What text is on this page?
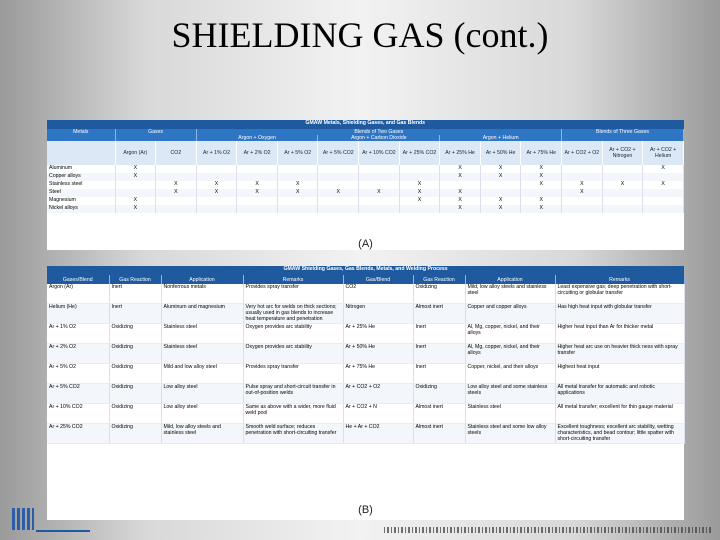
SHIELDING GAS (cont.)
GMAW Metals, Shielding Gases, and Gas Blends														
Metals	Gases		Blends of Two Gases									Blends of Three Gases		
			Argon + Oxygen			Argon + Carbon Dioxide			Argon + Helium					
	Argon (Ar)	CO2	Ar + 1% O2	Ar + 2% O2	Ar + 5% O2	Ar + 5% CO2	Ar + 10% CO2	Ar + 25% CO2	Ar + 25% He	Ar + 50% He	Ar + 75% He	Ar + CO2 + O2	Ar + CO2 + Nitrogen	Ar + CO2 + Helium
Aluminum	X								X	X	X			X
Copper alloys	X								X	X	X			
Stainless steel		X	X	X	X			X			X	X	X	X
Steel		X	X	X	X	X	X	X	X			X		
Magnesium	X							X	X	X	X			
Nickel alloys	X								X	X	X			
(A)
GMAW Shielding Gases, Gas Blends, Metals, and Welding Process							
Gases/Blend	Gas Reaction	Application	Remarks	Gas/Blend	Gas Reaction	Application	Remarks
Argon (Ar)	Inert	Nonferrous metals	Provides spray transfer	CO2	Oxidizing	Mild, low alloy steels and stainless steel	Least expensive gas; deep penetration with short-circuiting or globular transfer
Helium (He)	Inert	Aluminum and magnesium	Very hot arc for welds on thick sections; usually used in gas blends to increase heat temperature and penetration	Nitrogen	Almost inert	Copper and copper alloys	Has high heat input with globular transfer
Ar + 1% O2	Oxidizing	Stainless steel	Oxygen provides arc stability	Ar + 25% He	Inert	Al, Mg, copper, nickel, and their alloys	Higher heat input than Ar for thicker metal
Ar + 2% O2	Oxidizing	Stainless steel	Oxygen provides arc stability	Ar + 50% He	Inert	Al, Mg, copper, nickel, and their alloys	Higher heat arc use on heavier thick ness with spray transfer
Ar + 5% O2	Oxidizing	Mild and low alloy steel	Provides spray transfer	Ar + 75% He	Inert	Copper, nickel, and their alloys	Highest heat input
Ar + 5% CO2	Oxidizing	Low alloy steel	Pulse spray and short-circuit transfer in out-of-position welds	Ar + CO2 + O2	Oxidizing	Low alloy steel and some stainless steels	All metal transfer for automatic and robotic applications
Ar + 10% CO2	Oxidizing	Low alloy steel	Same as above with a wider, more fluid weld pool	Ar + CO2 + N	Almost inert	Stainless steel	All metal transfer; excellent for thin gauge material
Ar + 25% CO2	Oxidizing	Mild, low alloy steels and stainless steel	Smooth weld surface; reduces penetration with short-circuiting transfer	He + Ar + CO2	Almost inert	Stainless steel and some low alloy steels	Excellent toughness; excellent arc stability, wetting characteristics, and bead contour; little spatter with short-circuiting transfer
(B)
